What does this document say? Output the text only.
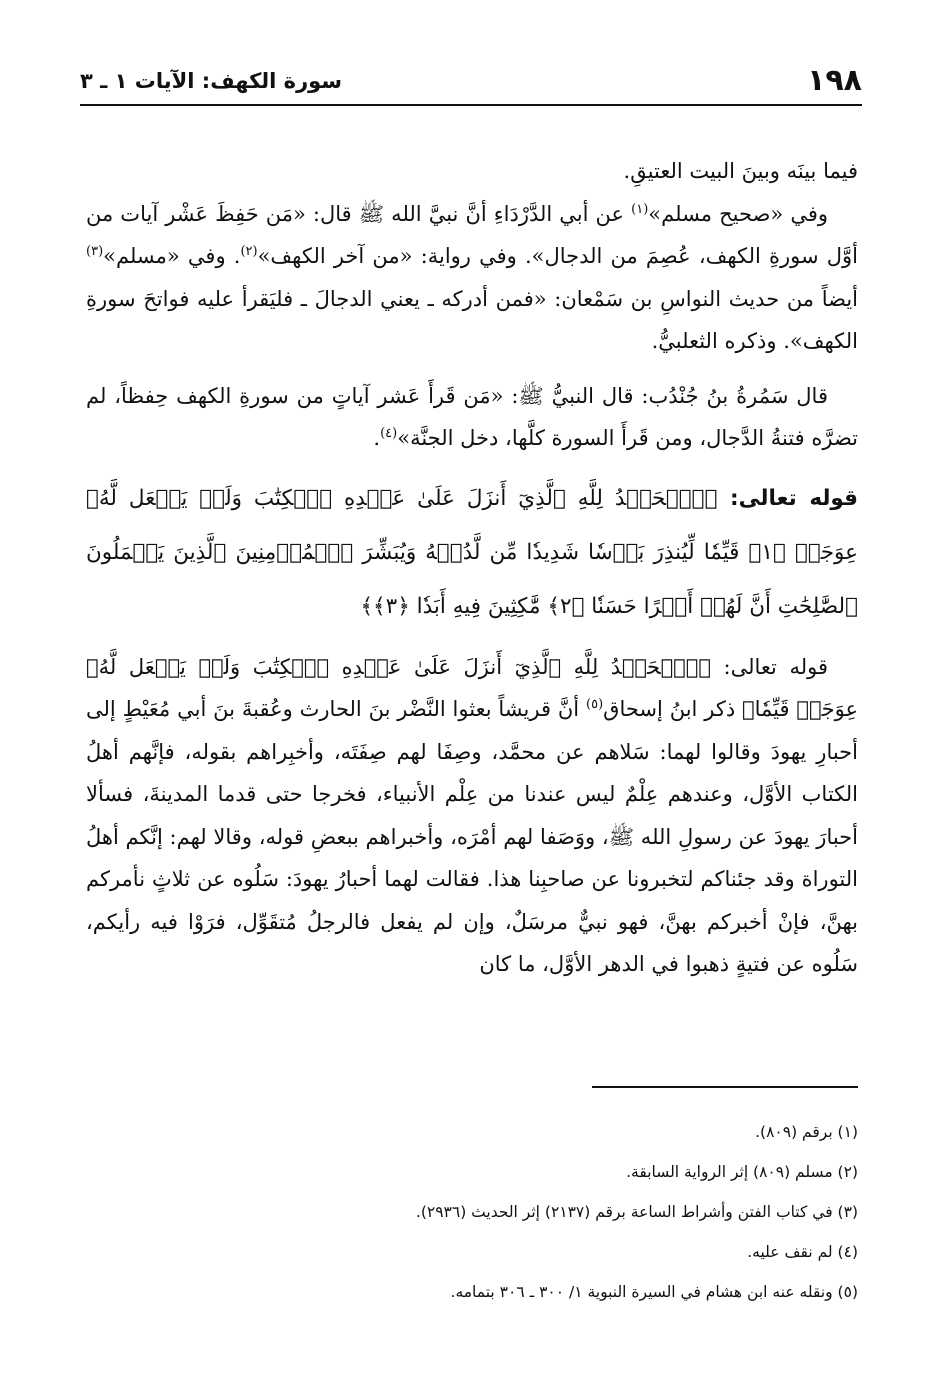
١٩٨
سورة الكهف: الآيات ١ ـ ٣

فيما بينَه وبينَ البيت العتيقِ.

وفي «صحيح مسلم»$^{(١)}$ عن أبي الدَّرْدَاءِ أنَّ نبيَّ الله ﷺ قال: «مَن حَفِظَ عَشْر آيات من أوَّل سورةِ الكهف، عُصِمَ من الدجال». وفي رواية: «من آخر الكهف»$^{(٢)}$. وفي «مسلم»$^{(٣)}$ أيضاً من حديث النواسِ بن سَمْعان: «فمن أدركه ـ يعني الدجالَ ـ فليَقرأ عليه فواتحَ سورةِ الكهف». وذكره الثعلبيُّ.

قال سَمُرةُ بنُ جُنْدُب: قال النبيُّ ﷺ: «مَن قَرأَ عَشر آياتٍ من سورةِ الكهف حِفظاً، لم تضرَّه فتنةُ الدَّجال، ومن قَرأَ السورة كلَّها، دخل الجنَّة»$^{(٤)}$.

قوله تعالى: ﴿ٱلۡحَمۡدُ لِلَّهِ ٱلَّذِيٓ أَنزَلَ عَلَىٰ عَبۡدِهِ ٱلۡكِتَٰبَ وَلَمۡ يَجۡعَل لَّهُۥ عِوَجَاۜ ﴿١﴾ قَيِّمٗا لِّيُنذِرَ بَأۡسٗا شَدِيدٗا مِّن لَّدُنۡهُ وَيُبَشِّرَ ٱلۡمُؤۡمِنِينَ ٱلَّذِينَ يَعۡمَلُونَ ٱلصَّٰلِحَٰتِ أَنَّ لَهُمۡ أَجۡرًا حَسَنٗا ﴿٢﴾ مَّٰكِثِينَ فِيهِ أَبَدٗا ﴿٣﴾﴾

قوله تعالى: ﴿ٱلۡحَمۡدُ لِلَّهِ ٱلَّذِيٓ أَنزَلَ عَلَىٰ عَبۡدِهِ ٱلۡكِتَٰبَ وَلَمۡ يَجۡعَل لَّهُۥ عِوَجَاۜ قَيِّمٗا﴾ ذكر ابنُ إسحاق$^{(٥)}$ أنَّ قريشاً بعثوا النَّضْر بنَ الحارث وعُقبةَ بنَ أبي مُعَيْطٍ إلى أحبارِ يهودَ وقالوا لهما: سَلاهم عن محمَّد، وصِفَا لهم صِفَتَه، وأخبِراهم بقوله، فإنَّهم أهلُ الكتاب الأوَّل، وعندهم عِلْمٌ ليس عندنا من عِلْم الأنبياء، فخرجا حتى قدما المدينةَ، فسألا أحبارَ يهودَ عن رسولِ الله ﷺ، ووَصَفا لهم أمْرَه، وأخبراهم ببعضِ قوله، وقالا لهم: إنَّكم أهلُ التوراة وقد جئناكم لتخبرونا عن صاحبِنا هذا. فقالت لهما أحبارُ يهودَ: سَلُوه عن ثلاثٍ نأمركم بهنَّ، فإنْ أخبركم بهنَّ، فهو نبيٌّ مرسَلٌ، وإن لم يفعل فالرجلُ مُتقَوِّل، فرَوْا فيه رأيكم، سَلُوه عن فتيةٍ ذهبوا في الدهر الأوَّل، ما كان

(١) برقم (٨٠٩).

(٢) مسلم (٨٠٩) إثر الرواية السابقة.

(٣) في كتاب الفتن وأشراط الساعة برقم (٢١٣٧) إثر الحديث (٢٩٣٦).

(٤) لم نقف عليه.

(٥) ونقله عنه ابن هشام في السيرة النبوية ١/ ٣٠٠ ـ ٣٠٦ بتمامه.
